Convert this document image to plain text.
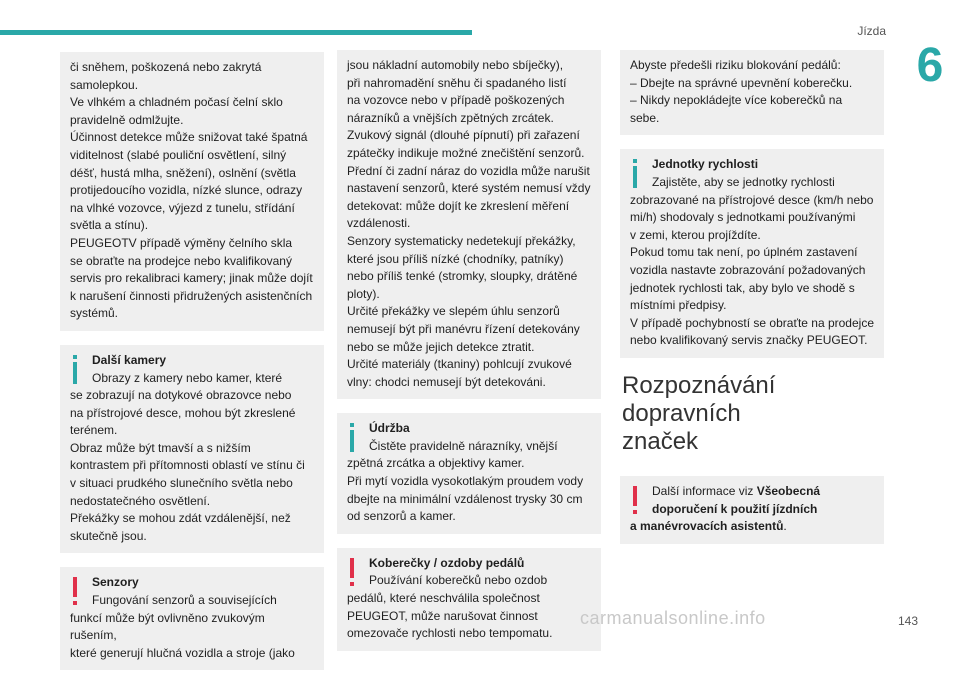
Jízda
6
či sněhem, poškozená nebo zakrytá
samolepkou.
Ve vlhkém a chladném počasí čelní sklo
pravidelně odmlžujte.
Účinnost detekce může snižovat také špatná
viditelnost (slabé pouliční osvětlení, silný
déšť, hustá mlha, sněžení), oslnění (světla
protijedoucího vozidla, nízké slunce, odrazy
na vlhké vozovce, výjezd z tunelu, střídání
světla a stínu).
PEUGEOTV případě výměny čelního skla
se obraťte na prodejce nebo kvalifikovaný
servis pro rekalibraci kamery; jinak může dojít
k narušení činnosti přidružených asistenčních
systémů.
Další kamery
Obrazy z kamery nebo kamer, které
se zobrazují na dotykové obrazovce nebo
na přístrojové desce, mohou být zkreslené
terénem.
Obraz může být tmavší a s nižším
kontrastem při přítomnosti oblastí ve stínu či
v situaci prudkého slunečního světla nebo
nedostatečného osvětlení.
Překážky se mohou zdát vzdálenější, než
skutečně jsou.
Senzory
Fungování senzorů a souvisejících
funkcí může být ovlivněno zvukovým rušením,
které generují hlučná vozidla a stroje (jako
jsou nákladní automobily nebo sbíječky),
při nahromadění sněhu či spadaného listí
na vozovce nebo v případě poškozených
nárazníků a vnějších zpětných zrcátek.
Zvukový signál (dlouhé pípnutí) při zařazení
zpátečky indikuje možné znečištění senzorů.
Přední či zadní náraz do vozidla může narušit
nastavení senzorů, které systém nemusí vždy
detekovat: může dojít ke zkreslení měření
vzdálenosti.
Senzory systematicky nedetekují překážky,
které jsou příliš nízké (chodníky, patníky)
nebo příliš tenké (stromky, sloupky, drátěné
ploty).
Určité překážky ve slepém úhlu senzorů
nemusejí být při manévru řízení detekovány
nebo se může jejich detekce ztratit.
Určité materiály (tkaniny) pohlcují zvukové
vlny: chodci nemusejí být detekováni.
Údržba
Čistěte pravidelně nárazníky, vnější
zpětná zrcátka a objektivy kamer.
Při mytí vozidla vysokotlakým proudem vody
dbejte na minimální vzdálenost trysky 30 cm
od senzorů a kamer.
Koberečky / ozdoby pedálů
Používání koberečků nebo ozdob
pedálů, které neschválila společnost
PEUGEOT, může narušovat činnost
omezovače rychlosti nebo tempomatu.
Abyste předešli riziku blokování pedálů:
– Dbejte na správné upevnění koberečku.
– Nikdy nepokládejte více koberečků na
sebe.
Jednotky rychlosti
Zajistěte, aby se jednotky rychlosti
zobrazované na přístrojové desce (km/h nebo
mi/h) shodovaly s jednotkami používanými
v zemi, kterou projíždíte.
Pokud tomu tak není, po úplném zastavení
vozidla nastavte zobrazování požadovaných
jednotek rychlosti tak, aby bylo ve shodě s
místními předpisy.
V případě pochybností se obraťte na prodejce
nebo kvalifikovaný servis značky PEUGEOT.
Rozpoznávání dopravních
značek
Další informace viz Všeobecná
doporučení k použití jízdních
a manévrovacích asistentů.
carmanualsonline.info	143
